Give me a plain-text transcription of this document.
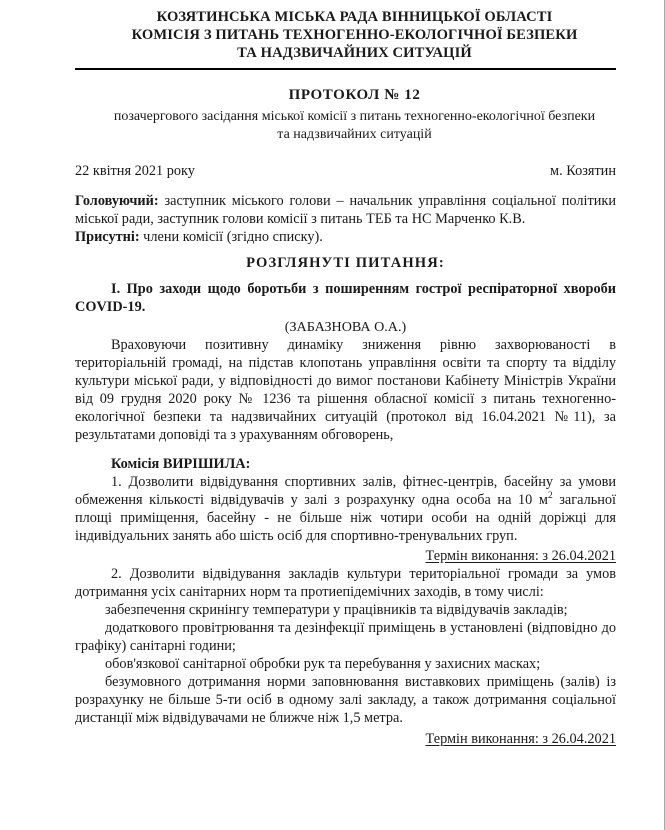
КОЗЯТИНСЬКА МІСЬКА РАДА ВІННИЦЬКОЇ ОБЛАСТІ
КОМІСІЯ З ПИТАНЬ ТЕХНОГЕННО-ЕКОЛОГІЧНОЇ БЕЗПЕКИ
ТА НАДЗВИЧАЙНИХ СИТУАЦІЙ
ПРОТОКОЛ № 12
позачергового засідання міської комісії з питань техногенно-екологічної безпеки
та надзвичайних ситуацій
22 квітня 2021 року	м. Козятин

Головуючий: заступник міського голови – начальник управління соціальної політики міської ради, заступник голови комісії з питань ТЕБ та НС Марченко К.В.

Присутні: члени комісії (згідно списку).

РОЗГЛЯНУТІ ПИТАННЯ:

I. Про заходи щодо боротьби з поширенням гострої респіраторної хвороби COVID-19.

(ЗАБАЗНОВА О.А.)

Враховуючи позитивну динаміку зниження рівню захворюваності в територіальній громаді, на підстав клопотань управління освіти та спорту та відділу культури міської ради, у відповідності до вимог постанови Кабінету Міністрів України від 09 грудня 2020 року № 1236 та рішення обласної комісії з питань техногенно-екологічної безпеки та надзвичайних ситуацій (протокол від 16.04.2021 №11), за результатами доповіді та з урахуванням обговорень,

Комісія ВИРІШИЛА:

1. Дозволити відвідування спортивних залів, фітнес-центрів, басейну за умови обмеження кількості відвідувачів у залі з розрахунку одна особа на 10 $м^2$ загальної площі приміщення, басейну - не більше ніж чотири особи на одній доріжці для індивідуальних занять або шість осіб для спортивно-тренувальних груп.

Термін виконання: з 26.04.2021

2. Дозволити відвідування закладів культури територіальної громади за умов дотримання усіх санітарних норм та протиепідемічних заходів, в тому числі:

забезпечення скринінгу температури у працівників та відвідувачів закладів;

додаткового провітрювання та дезінфекції приміщень в установлені (відповідно до графіку) санітарні години;

обов'язкової санітарної обробки рук та перебування у захисних масках;

безумовного дотримання норми заповнювання виставкових приміщень (залів) із розрахунку не більше 5-ти осіб в одному залі закладу, а також дотримання соціальної дистанції між відвідувачами не ближче ніж 1,5 метра.

Термін виконання: з 26.04.2021
